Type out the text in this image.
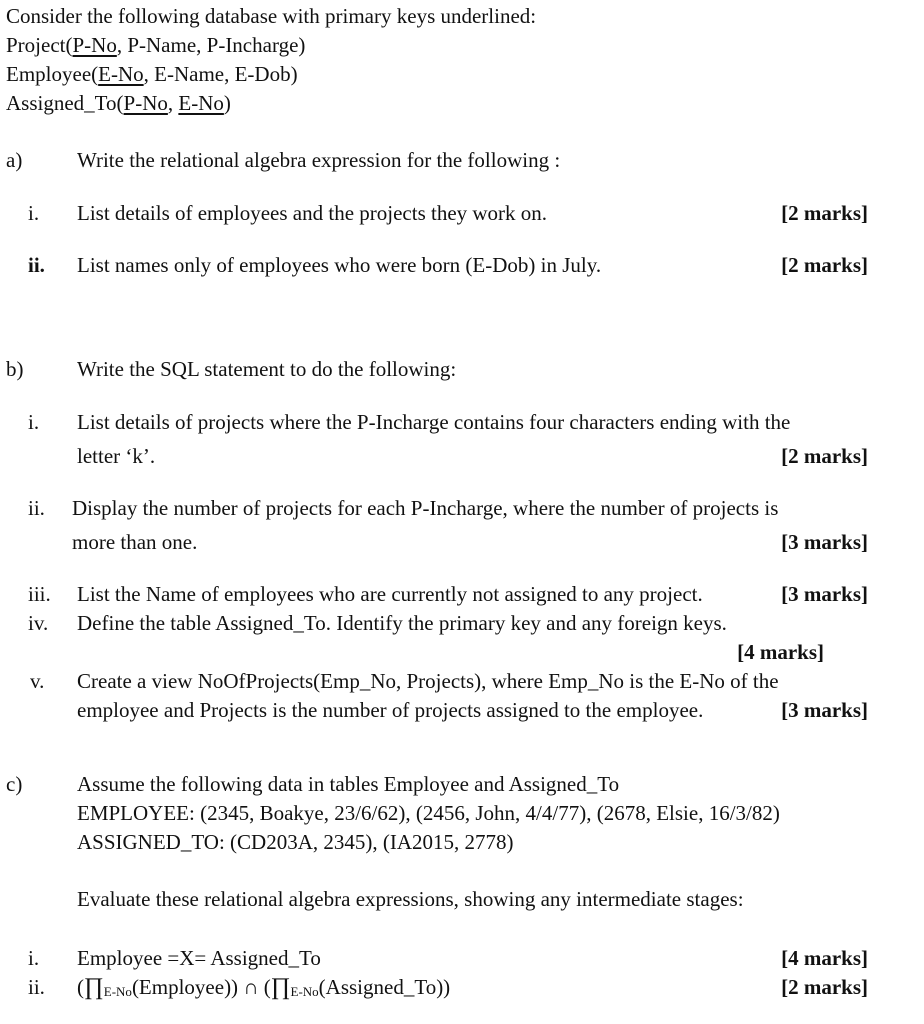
Consider the following database with primary keys underlined:
Project(P-No, P-Name, P-Incharge)
Employee(E-No, E-Name, E-Dob)
Assigned_To(P-No, E-No)
a)	Write the relational algebra expression for the following :
i.	List details of employees and the projects they work on.	[2 marks]
ii.	List names only of employees who were born (E-Dob) in July.	[2 marks]
b)	Write the SQL statement to do the following:
i.	List details of projects where the P-Incharge contains four characters ending with the
letter ‘k’.	[2 marks]
ii.	Display the number of projects for each P-Incharge, where the number of projects is
more than one.	[3 marks]
iii.	List the Name of employees who are currently not assigned to any project.	[3 marks]
iv.	Define the table Assigned_To. Identify the primary key and any foreign keys.
[4 marks]
v.	Create a view NoOfProjects(Emp_No, Projects), where Emp_No is the E-No of the
employee and Projects is the number of projects assigned to the employee.	[3 marks]
c)	Assume the following data in tables Employee and Assigned_To
EMPLOYEE: (2345, Boakye, 23/6/62), (2456, John, 4/4/77), (2678, Elsie, 16/3/82)
ASSIGNED_TO: (CD203A, 2345), (IA2015, 2778)
Evaluate these relational algebra expressions, showing any intermediate stages:
i.	Employee =X= Assigned_To	[4 marks]
ii.	(∏E-No(Employee)) ∩ (∏E-No(Assigned_To))	[2 marks]
